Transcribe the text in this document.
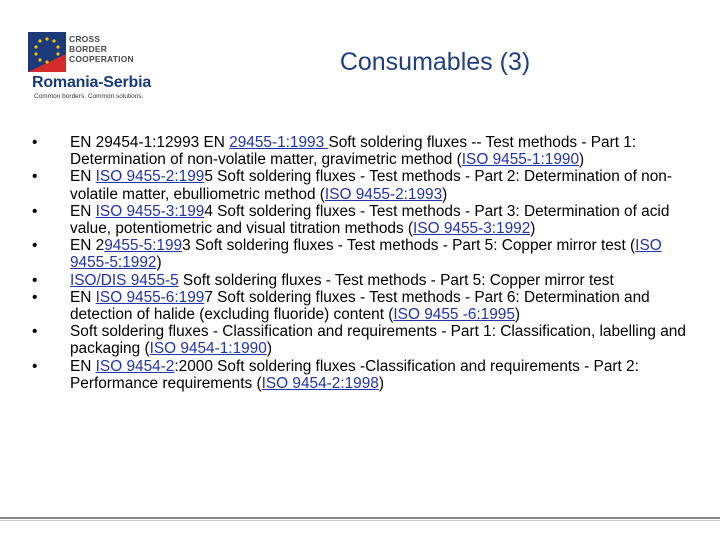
CROSS
BORDER
COOPERATION
Romania-Serbia
Common borders. Common solutions.
Consumables (3)
• EN 29454-1:12993 EN 29455-1:1993 Soft soldering fluxes -- Test methods - Part 1: Determination of non-volatile matter, gravimetric method (ISO 9455-1:1990)
• EN ISO 9455-2:1995 Soft soldering fluxes - Test methods - Part 2: Determination of non-volatile matter, ebulliometric method (ISO 9455-2:1993)
• EN ISO 9455-3:1994 Soft soldering fluxes - Test methods - Part 3: Determination of acid value, potentiometric and visual titration methods (ISO 9455-3:1992)
• EN 29455-5:1993 Soft soldering fluxes - Test methods - Part 5: Copper mirror test (ISO 9455-5:1992)
• ISO/DIS 9455-5 Soft soldering fluxes - Test methods - Part 5: Copper mirror test
• EN ISO 9455-6:1997 Soft soldering fluxes - Test methods - Part 6: Determination and detection of halide (excluding fluoride) content (ISO 9455 -6:1995)
• Soft soldering fluxes - Classification and requirements - Part 1: Classification, labelling and packaging (ISO 9454-1:1990)
• EN ISO 9454-2:2000 Soft soldering fluxes -Classification and requirements - Part 2: Performance requirements (ISO 9454-2:1998)
